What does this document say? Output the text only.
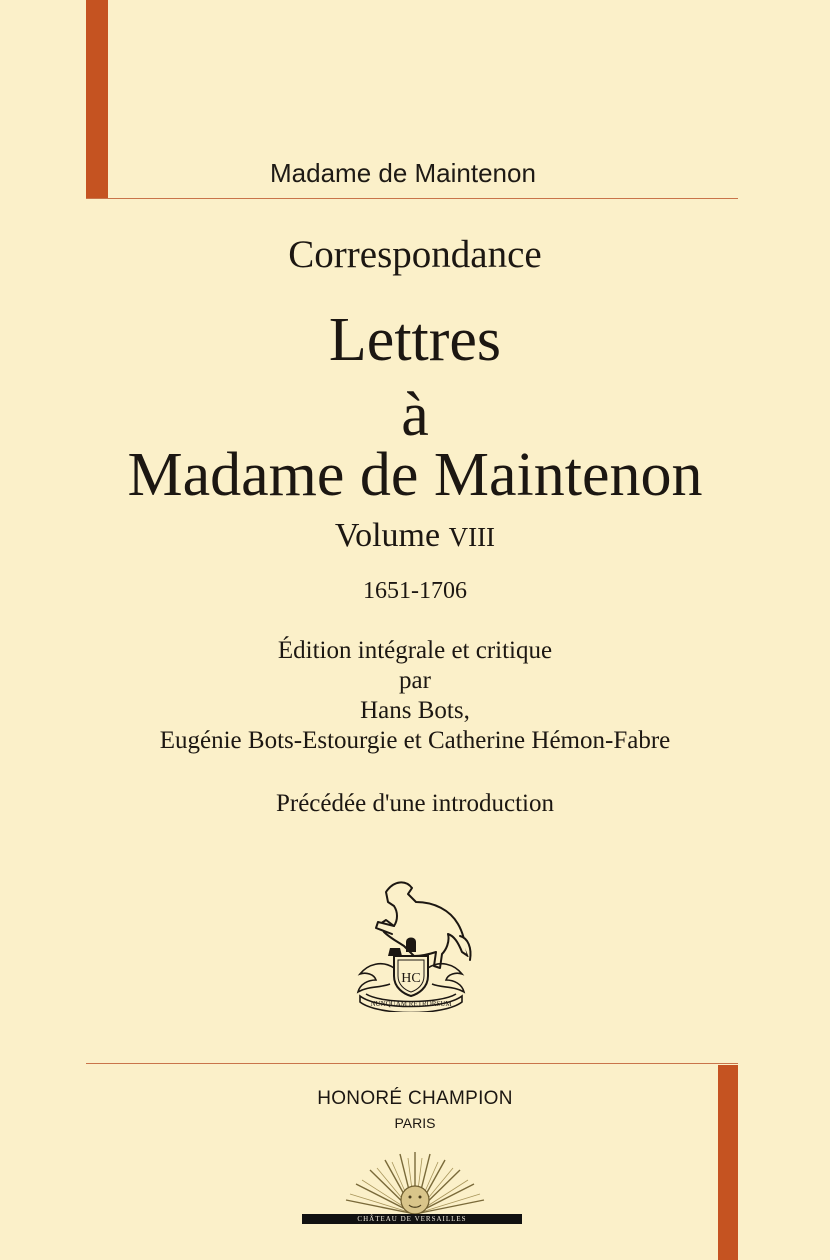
Madame de Maintenon
Correspondance
Lettres
à
Madame de Maintenon
Volume VIII
1651-1706
Édition intégrale et critique
par
Hans Bots,
Eugénie Bots-Estourgie et Catherine Hémon-Fabre
Précédée d'une introduction
HC
NUNQUAM RETRORSUM
HONORÉ CHAMPION
PARIS
CHÂTEAU DE VERSAILLES
